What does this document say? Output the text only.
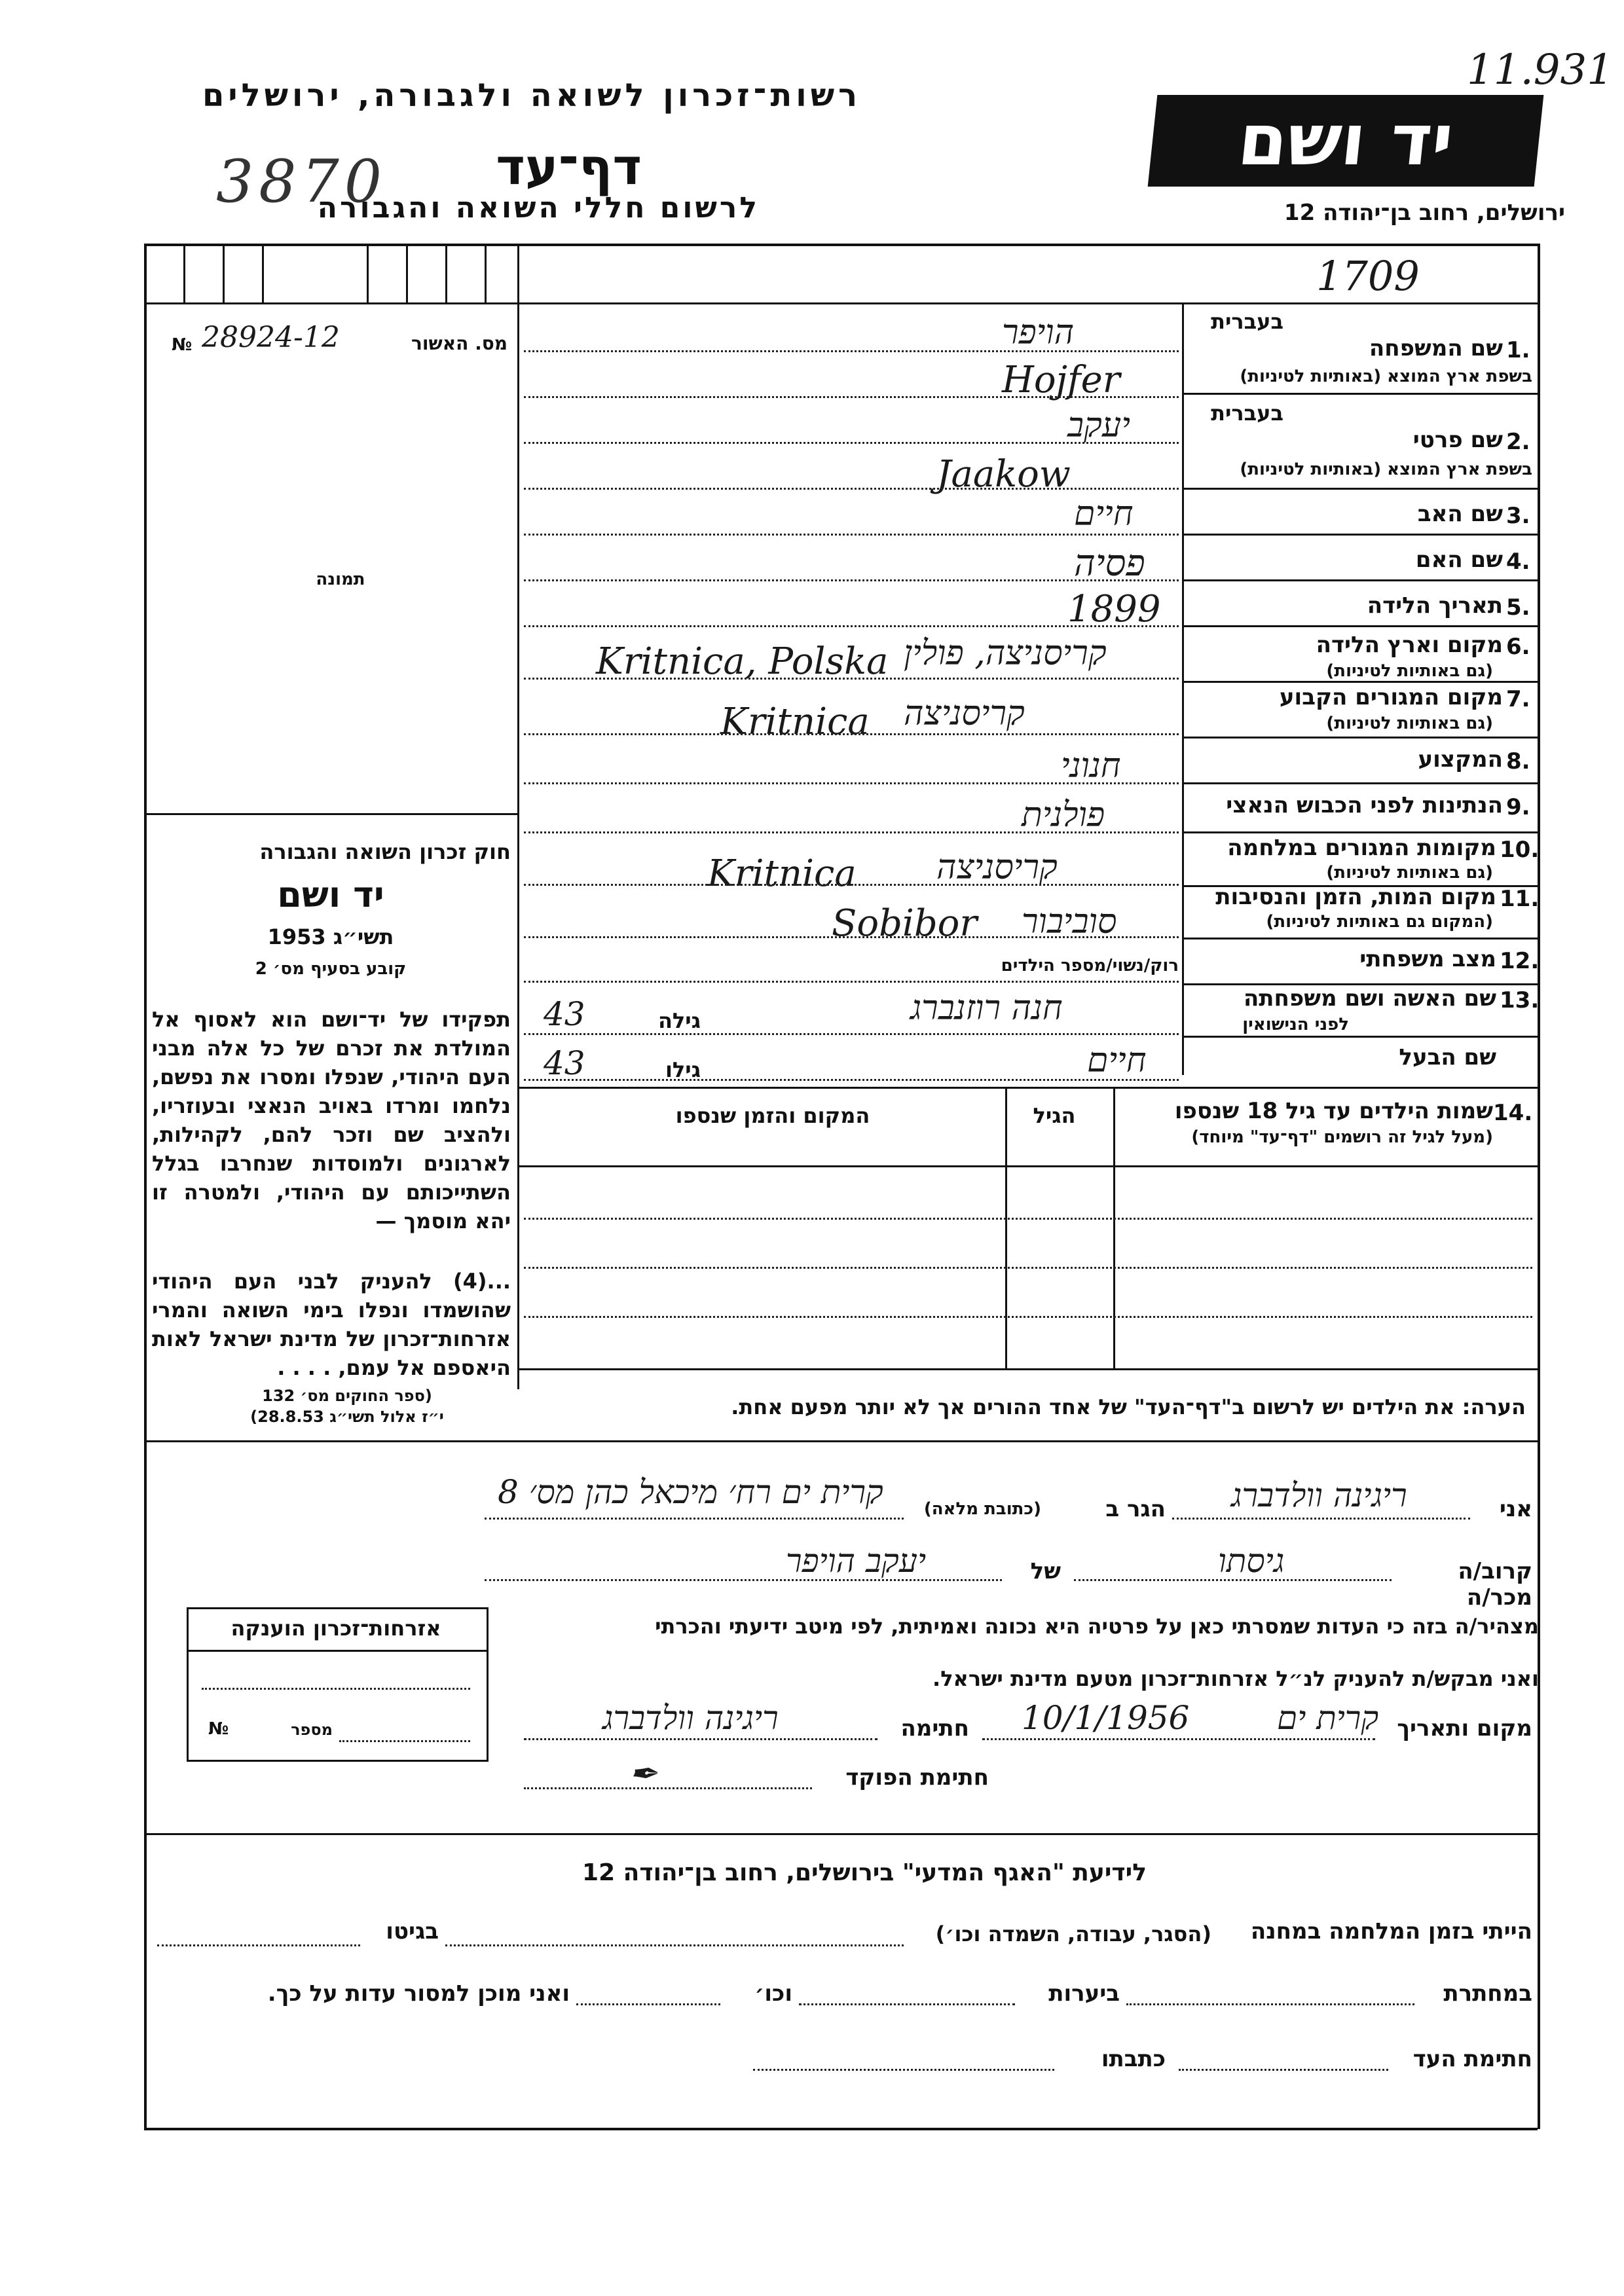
רשות־זכרון לשואה ולגבורה, ירושלים
דף־עד
לרשום חללי השואה והגבורה
3870
יד ושם
11.931
ירושלים, רחוב בן־יהודה 12
1709
№ 28924-12	מס. האשור
תמונה
חוק זכרון השואה והגבורה
יד ושם
תשי״ג 1953
קובע בסעיף מס׳ 2
תפקידו של יד־ושם הוא לאסוף אל המולדת את זכרם של כל אלה מבני העם היהודי, שנפלו ומסרו את נפשם, נלחמו ומרדו באויב הנאצי ובעוזריו, ולהציב שם וזכר להם, לקהילות, לארגונים ולמוסדות שנחרבו בגלל השתייכותם עם היהודי, ולמטרה זו יהא מוסמך —
...(4) להעניק לבני העם היהודי שהושמדו ונפלו בימי השואה והמרי אזרחות־זכרון של מדינת ישראל לאות היאספם אל עמם, . . . .
(ספר החוקים מס׳ 132
י״ז אלול תשי״ג 28.8.53)
1.
שם המשפחה
בעברית
בשפת ארץ המוצא (באותיות לטיניות)
הויפר
Hojfer
2.
שם פרטי
בעברית
בשפת ארץ המוצא (באותיות לטיניות)
יעקב
Jaakow
3.
שם האב
חיים
4.
שם האם
פסיה
5.
תאריך הלידה
1899
6.
מקום וארץ הלידה
(גם באותיות לטיניות)
קריסניצה, פולין
Kritnica, Polska
7.
מקום המגורים הקבוע
(גם באותיות לטיניות)
קריסניצה
Kritnica
8.
המקצוע
חנוני
9.
הנתינות לפני הכבוש הנאצי
פולנית
10.
מקומות המגורים במלחמה
(גם באותיות לטיניות)
קריסניצה
Kritnica
11.
מקום המות, הזמן והנסיבות
(המקום גם באותיות לטיניות)
סוביבור
Sobibor
12.
מצב משפחתי
רוק/נשוי/מספר הילדים
13.
שם האשה ושם משפחתה
לפני הנישואין
חנה רוזנברג
גילה
43
שם הבעל
חיים
גילו
43
14.
שמות הילדים עד גיל 18 שנספו
(מעל לגיל זה רושמים "דף־עד" מיוחד)
הגיל
המקום והזמן שנספו
הערה: את הילדים יש לרשום ב"דף־העד" של אחד ההורים אך לא יותר מפעם אחת.
אני
ריגינה וולדברג
הגר ב
(כתובת מלאה)
קרית ים רח׳ מיכאל כהן מס׳ 8
קרוב/ה מכר/ה
גיסתו
של
יעקב הויפר
מצהיר/ה בזה כי העדות שמסרתי כאן על פרטיה היא נכונה ואמיתית, לפי מיטב ידיעתי והכרתי
ואני מבקש/ת להעניק לנ״ל אזרחות־זכרון מטעם מדינת ישראל.
מקום ותאריך
קרית ים
10/1/1956
חתימה
ריגינה וולדברג
חתימת הפוקד
✒
אזרחות־זכרון הוענקה
מספר
№
לידיעת "האגף המדעי" בירושלים, רחוב בן־יהודה 12
הייתי בזמן המלחמה במחנה
(הסגר, עבודה, השמדה וכו׳)
בגיטו
במחתרת
ביערות
וכו׳
ואני מוכן למסור עדות על כך.
חתימת העד
כתבתו
